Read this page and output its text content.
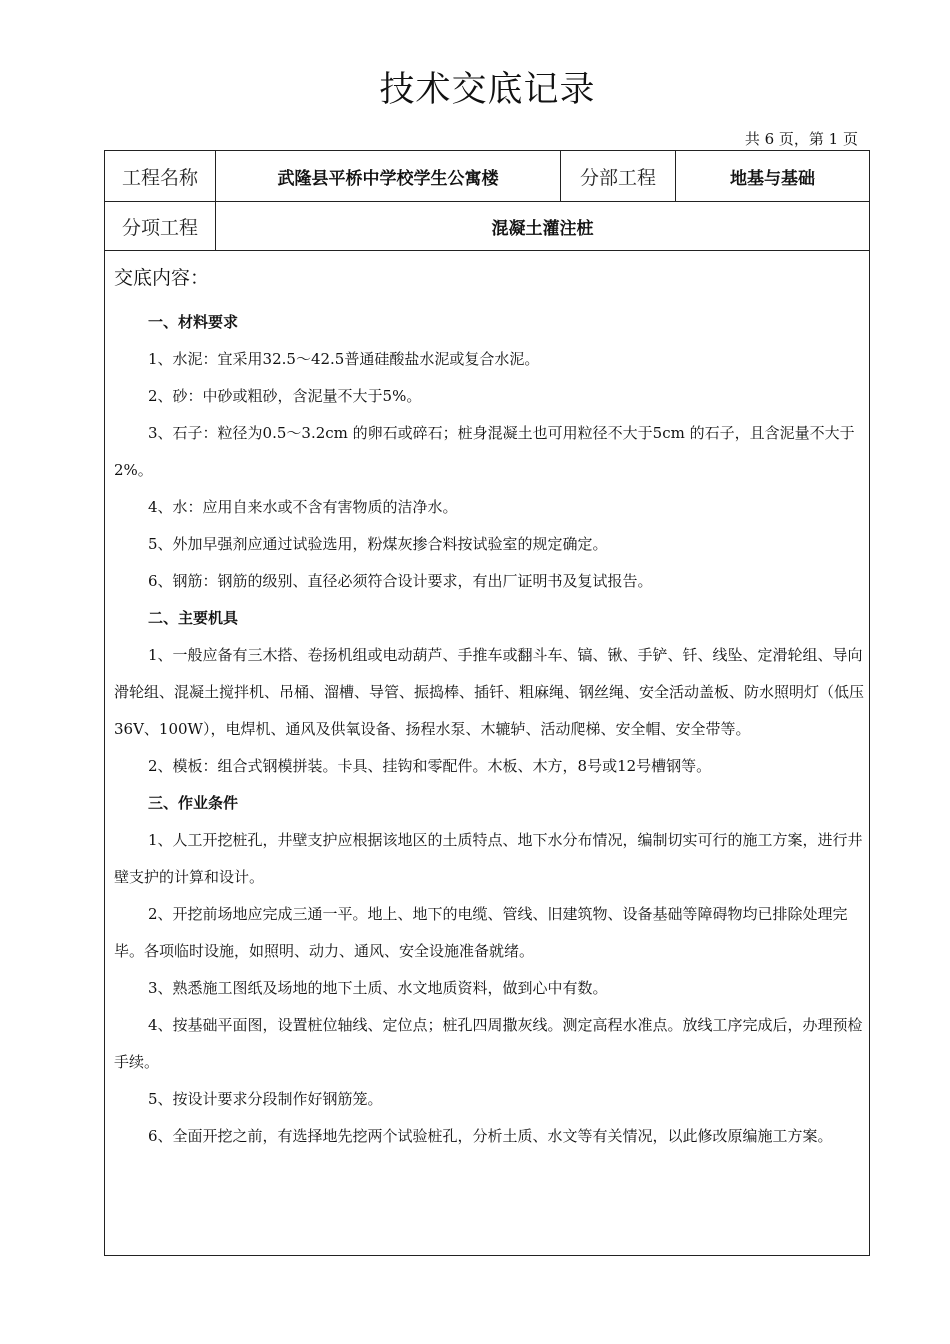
技术交底记录
共 6 页，第 1 页
工程名称	武隆县平桥中学校学生公寓楼	分部工程	地基与基础
分项工程	混凝土灌注桩
交底内容：
一、材料要求

1、水泥：宜采用32.5～42.5普通硅酸盐水泥或复合水泥。

2、砂：中砂或粗砂，含泥量不大于5%。

3、石子：粒径为0.5～3.2cm 的卵石或碎石；桩身混凝土也可用粒径不大于5cm 的石子，且含泥量不大于2%。

4、水：应用自来水或不含有害物质的洁净水。

5、外加早强剂应通过试验选用，粉煤灰掺合料按试验室的规定确定。

6、钢筋：钢筋的级别、直径必须符合设计要求，有出厂证明书及复试报告。

二、主要机具

1、一般应备有三木搭、卷扬机组或电动葫芦、手推车或翻斗车、镐、锹、手铲、钎、线坠、定滑轮组、导向滑轮组、混凝土搅拌机、吊桶、溜槽、导管、振捣棒、插钎、粗麻绳、钢丝绳、安全活动盖板、防水照明灯（低压36V、100W），电焊机、通风及供氧设备、扬程水泵、木辘轳、活动爬梯、安全帽、安全带等。

2、模板：组合式钢模拼装。卡具、挂钩和零配件。木板、木方，8号或12号槽钢等。

三、作业条件

1、人工开挖桩孔，井壁支护应根据该地区的土质特点、地下水分布情况，编制切实可行的施工方案，进行井壁支护的计算和设计。

2、开挖前场地应完成三通一平。地上、地下的电缆、管线、旧建筑物、设备基础等障碍物均已排除处理完毕。各项临时设施，如照明、动力、通风、安全设施准备就绪。

3、熟悉施工图纸及场地的地下土质、水文地质资料，做到心中有数。

4、按基础平面图，设置桩位轴线、定位点；桩孔四周撒灰线。测定高程水准点。放线工序完成后，办理预检手续。

5、按设计要求分段制作好钢筋笼。

6、全面开挖之前，有选择地先挖两个试验桩孔，分析土质、水文等有关情况，以此修改原编施工方案。
